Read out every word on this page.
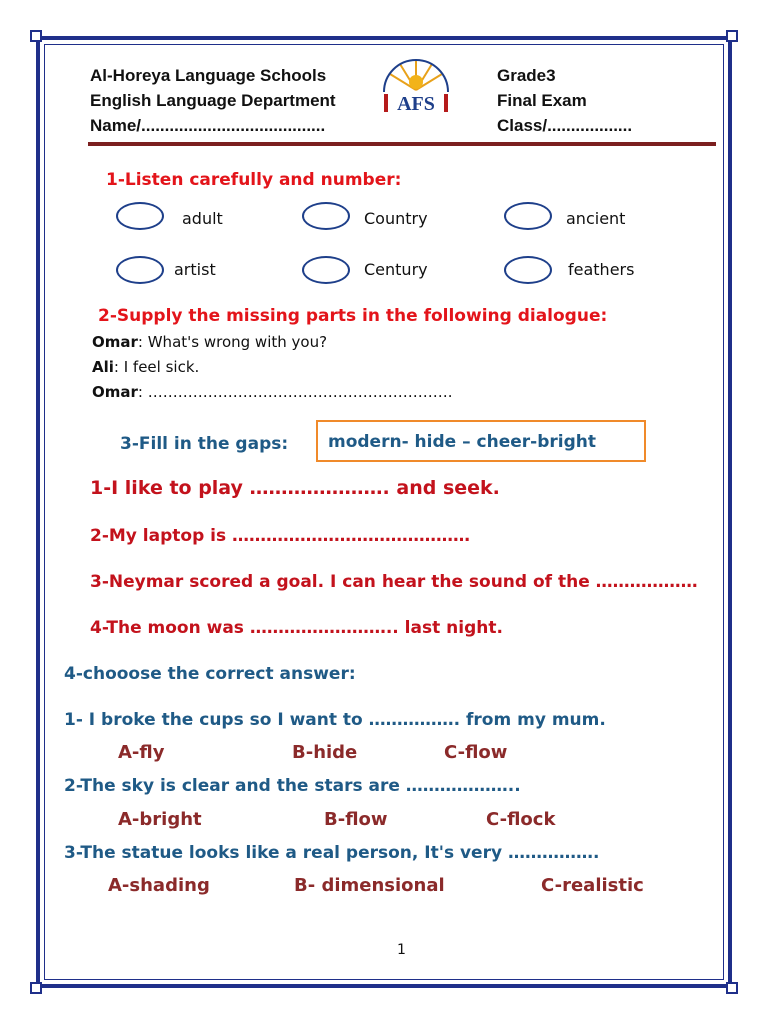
Al-Horeya Language Schools
English Language Department
Name/.......................................
Grade3
Final Exam
Class/..................
AFS
1-Listen carefully and number:
adult	Country	ancient
artist	Century	feathers
2-Supply the missing parts in the following dialogue:
Omar: What's wrong with you?
Ali: I feel sick.
Omar: …………………………………………………….
3-Fill in the gaps: modern- hide – cheer-bright
1-I like to play …………………. and seek.
2-My laptop is ……………………………………
3-Neymar scored a goal. I can hear the sound of the ………………
4-The moon was …………………….. last night.
4-chooose the correct answer:
1- I broke the cups so I want to ……………. from my mum.
A-fly	B-hide	C-flow
2-The sky is clear and the stars are ………………..
A-bright	B-flow	C-flock
3-The statue looks like a real person, It's very …………….
A-shading	B- dimensional	C-realistic
1
